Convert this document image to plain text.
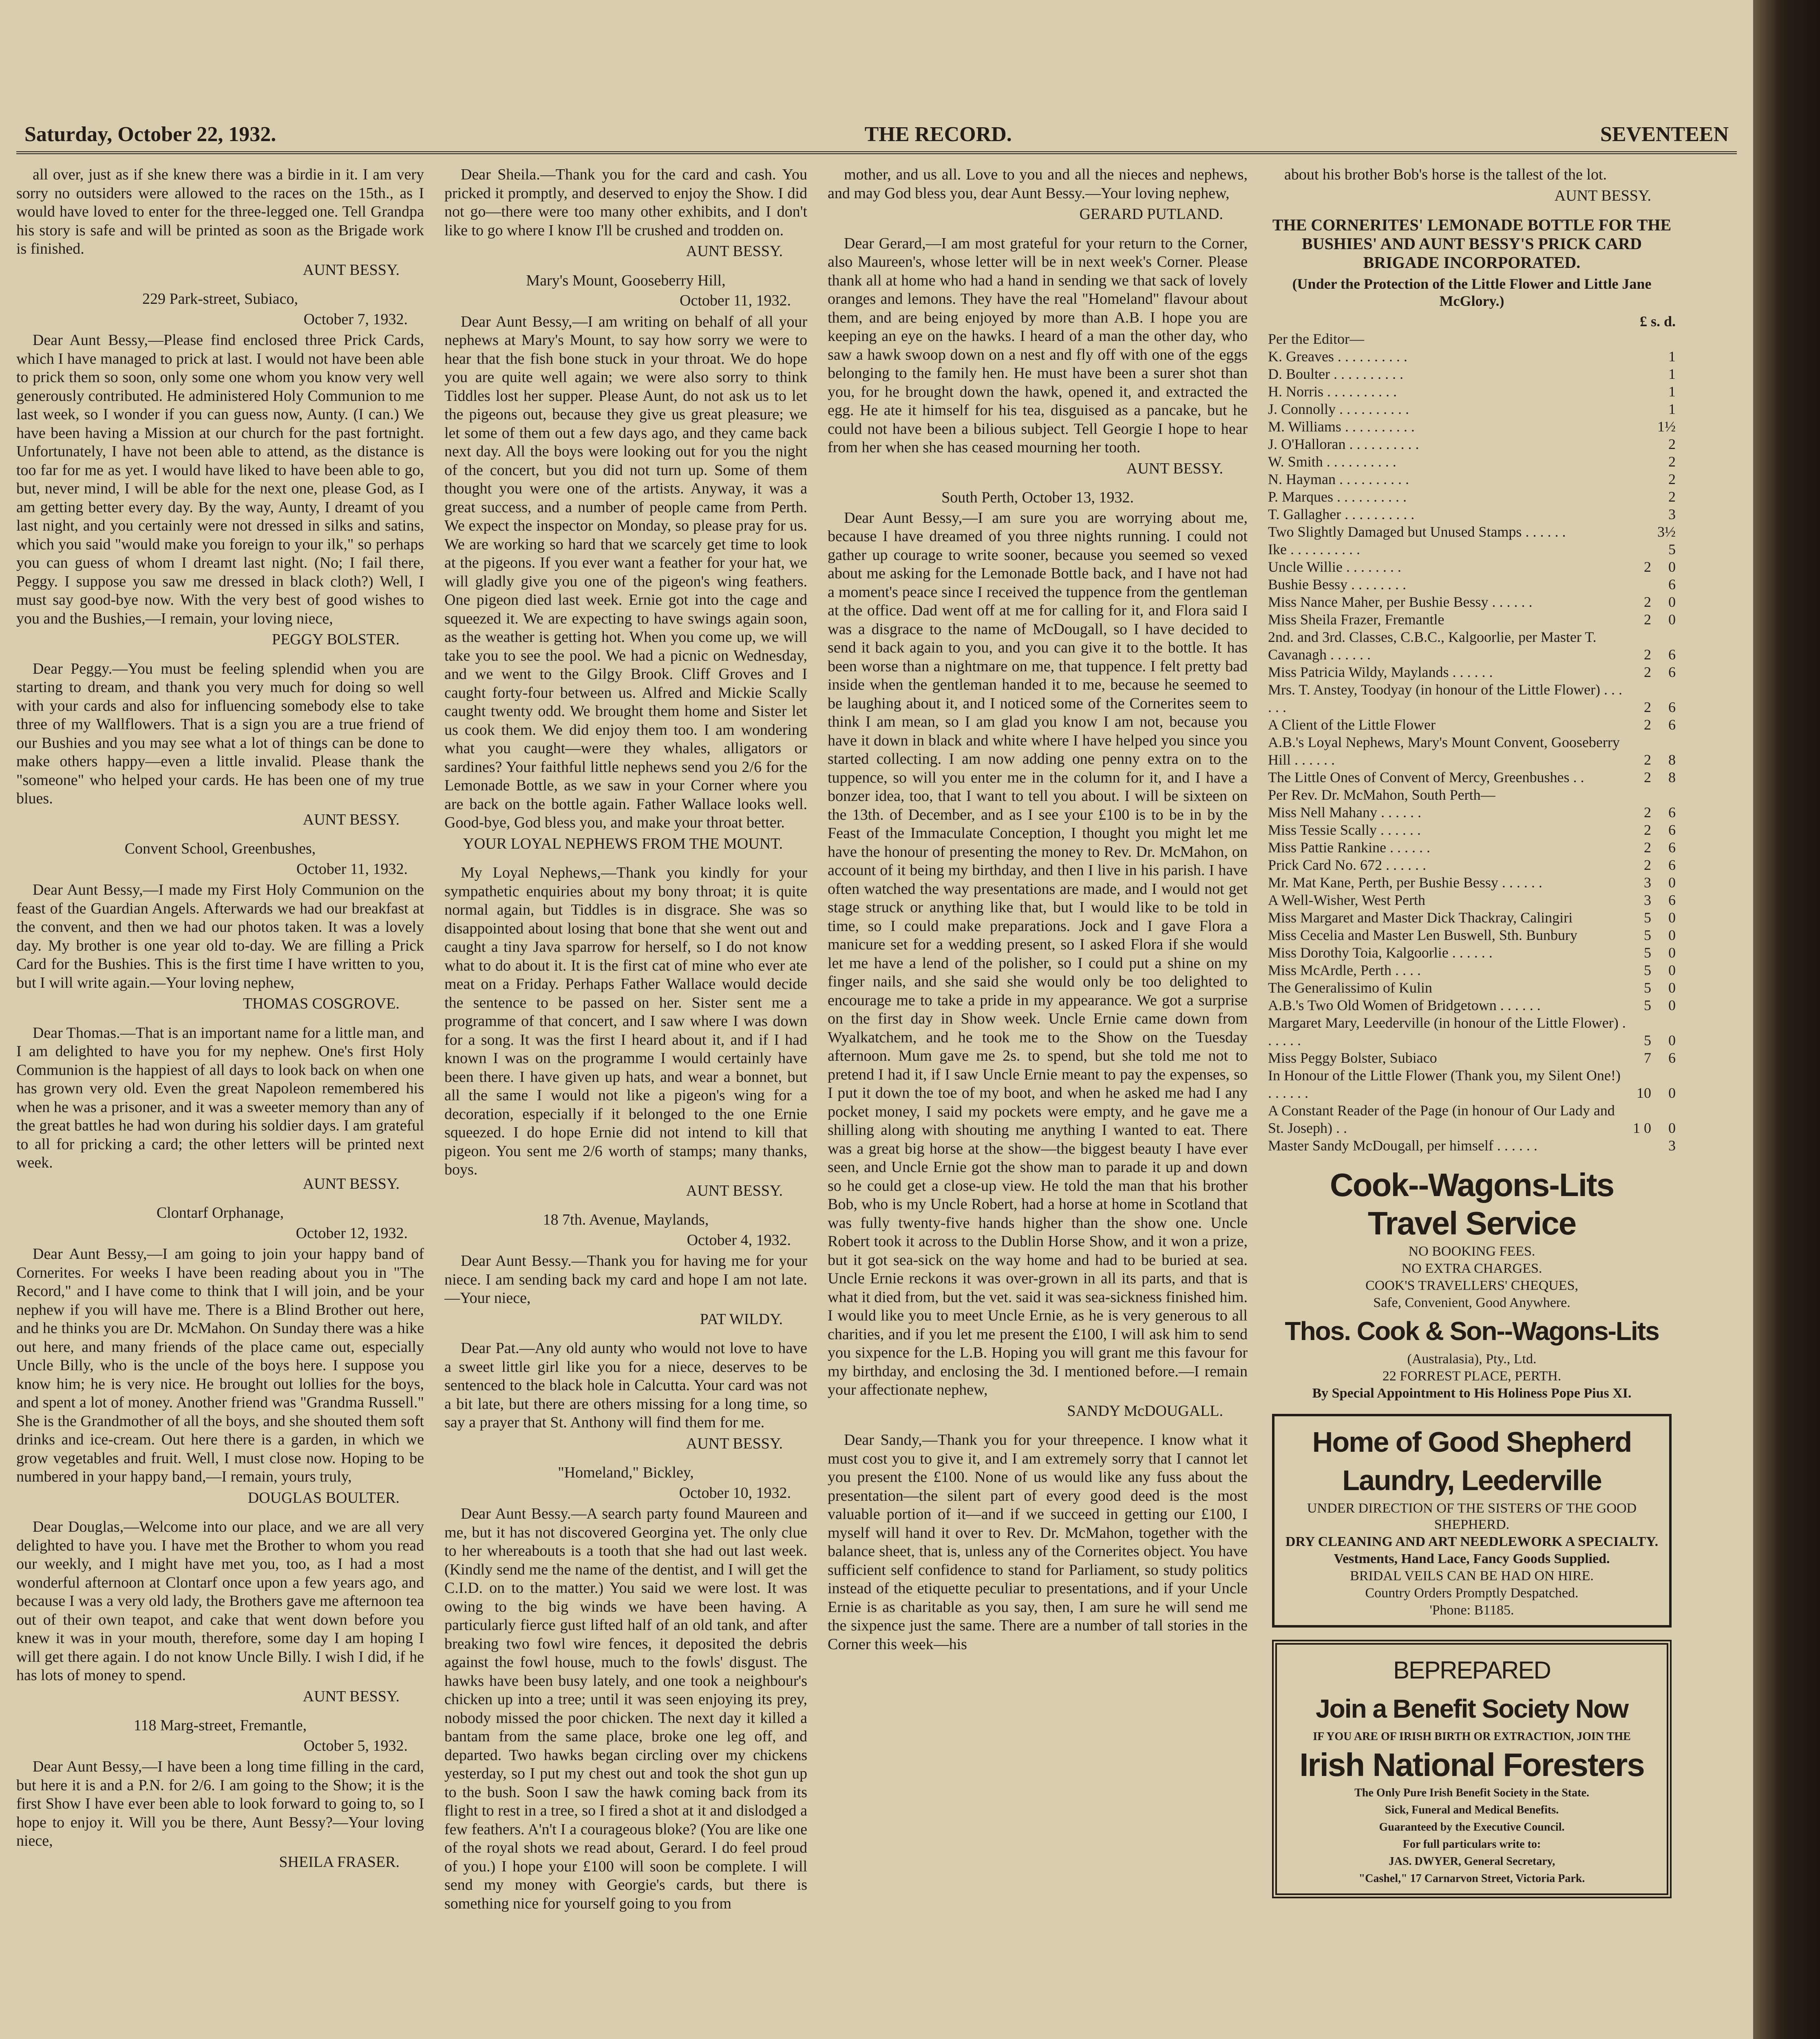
Saturday, October 22, 1932.	THE RECORD.	SEVENTEEN

all over, just as if she knew there was a birdie in it. I am very sorry no outsiders were allowed to the races on the 15th., as I would have loved to enter for the three-legged one. Tell Grandpa his story is safe and will be printed as soon as the Brigade work is finished.

AUNT BESSY.

229 Park-street, Subiaco,

October 7, 1932.

Dear Aunt Bessy,—Please find enclosed three Prick Cards, which I have managed to prick at last. I would not have been able to prick them so soon, only some one whom you know very well generously contributed. He administered Holy Communion to me last week, so I wonder if you can guess now, Aunty. (I can.) We have been having a Mission at our church for the past fortnight. Unfortunately, I have not been able to attend, as the distance is too far for me as yet. I would have liked to have been able to go, but, never mind, I will be able for the next one, please God, as I am getting better every day. By the way, Aunty, I dreamt of you last night, and you certainly were not dressed in silks and satins, which you said "would make you foreign to your ilk," so perhaps you can guess of whom I dreamt last night. (No; I fail there, Peggy. I suppose you saw me dressed in black cloth?) Well, I must say good-bye now. With the very best of good wishes to you and the Bushies,—I remain, your loving niece,

PEGGY BOLSTER.

Dear Peggy.—You must be feeling splendid when you are starting to dream, and thank you very much for doing so well with your cards and also for influencing somebody else to take three of my Wallflowers. That is a sign you are a true friend of our Bushies and you may see what a lot of things can be done to make others happy—even a little invalid. Please thank the "someone" who helped your cards. He has been one of my true blues.

AUNT BESSY.

Convent School, Greenbushes,

October 11, 1932.

Dear Aunt Bessy,—I made my First Holy Communion on the feast of the Guardian Angels. Afterwards we had our breakfast at the convent, and then we had our photos taken. It was a lovely day. My brother is one year old to-day. We are filling a Prick Card for the Bushies. This is the first time I have written to you, but I will write again.—Your loving nephew,

THOMAS COSGROVE.

Dear Thomas.—That is an important name for a little man, and I am delighted to have you for my nephew. One's first Holy Communion is the happiest of all days to look back on when one has grown very old. Even the great Napoleon remembered his when he was a prisoner, and it was a sweeter memory than any of the great battles he had won during his soldier days. I am grateful to all for pricking a card; the other letters will be printed next week.

AUNT BESSY.

Clontarf Orphanage,

October 12, 1932.

Dear Aunt Bessy,—I am going to join your happy band of Cornerites. For weeks I have been reading about you in "The Record," and I have come to think that I will join, and be your nephew if you will have me. There is a Blind Brother out here, and he thinks you are Dr. McMahon. On Sunday there was a hike out here, and many friends of the place came out, especially Uncle Billy, who is the uncle of the boys here. I suppose you know him; he is very nice. He brought out lollies for the boys, and spent a lot of money. Another friend was "Grandma Russell." She is the Grandmother of all the boys, and she shouted them soft drinks and ice-cream. Out here there is a garden, in which we grow vegetables and fruit. Well, I must close now. Hoping to be numbered in your happy band,—I remain, yours truly,

DOUGLAS BOULTER.

Dear Douglas,—Welcome into our place, and we are all very delighted to have you. I have met the Brother to whom you read our weekly, and I might have met you, too, as I had a most wonderful afternoon at Clontarf once upon a few years ago, and because I was a very old lady, the Brothers gave me afternoon tea out of their own teapot, and cake that went down before you knew it was in your mouth, therefore, some day I am hoping I will get there again. I do not know Uncle Billy. I wish I did, if he has lots of money to spend.

AUNT BESSY.

118 Marg-street, Fremantle,

October 5, 1932.

Dear Aunt Bessy,—I have been a long time filling in the card, but here it is and a P.N. for 2/6. I am going to the Show; it is the first Show I have ever been able to look forward to going to, so I hope to enjoy it. Will you be there, Aunt Bessy?—Your loving niece,

SHEILA FRASER.

Dear Sheila.—Thank you for the card and cash. You pricked it promptly, and deserved to enjoy the Show. I did not go—there were too many other exhibits, and I don't like to go where I know I'll be crushed and trodden on.

AUNT BESSY.

Mary's Mount, Gooseberry Hill,

October 11, 1932.

Dear Aunt Bessy,—I am writing on behalf of all your nephews at Mary's Mount, to say how sorry we were to hear that the fish bone stuck in your throat. We do hope you are quite well again; we were also sorry to think Tiddles lost her supper. Please Aunt, do not ask us to let the pigeons out, because they give us great pleasure; we let some of them out a few days ago, and they came back next day. All the boys were looking out for you the night of the concert, but you did not turn up. Some of them thought you were one of the artists. Anyway, it was a great success, and a number of people came from Perth. We expect the inspector on Monday, so please pray for us. We are working so hard that we scarcely get time to look at the pigeons. If you ever want a feather for your hat, we will gladly give you one of the pigeon's wing feathers. One pigeon died last week. Ernie got into the cage and squeezed it. We are expecting to have swings again soon, as the weather is getting hot. When you come up, we will take you to see the pool. We had a picnic on Wednesday, and we went to the Gilgy Brook. Cliff Groves and I caught forty-four between us. Alfred and Mickie Scally caught twenty odd. We brought them home and Sister let us cook them. We did enjoy them too. I am wondering what you caught—were they whales, alligators or sardines? Your faithful little nephews send you 2/6 for the Lemonade Bottle, as we saw in your Corner where you are back on the bottle again. Father Wallace looks well. Good-bye, God bless you, and make your throat better.

YOUR LOYAL NEPHEWS FROM THE MOUNT.

My Loyal Nephews,—Thank you kindly for your sympathetic enquiries about my bony throat; it is quite normal again, but Tiddles is in disgrace. She was so disappointed about losing that bone that she went out and caught a tiny Java sparrow for herself, so I do not know what to do about it. It is the first cat of mine who ever ate meat on a Friday. Perhaps Father Wallace would decide the sentence to be passed on her. Sister sent me a programme of that concert, and I saw where I was down for a song. It was the first I heard about it, and if I had known I was on the programme I would certainly have been there. I have given up hats, and wear a bonnet, but all the same I would not like a pigeon's wing for a decoration, especially if it belonged to the one Ernie squeezed. I do hope Ernie did not intend to kill that pigeon. You sent me 2/6 worth of stamps; many thanks, boys.

AUNT BESSY.

18 7th. Avenue, Maylands,

October 4, 1932.

Dear Aunt Bessy.—Thank you for having me for your niece. I am sending back my card and hope I am not late.—Your niece,

PAT WILDY.

Dear Pat.—Any old aunty who would not love to have a sweet little girl like you for a niece, deserves to be sentenced to the black hole in Calcutta. Your card was not a bit late, but there are others missing for a long time, so say a prayer that St. Anthony will find them for me.

AUNT BESSY.

"Homeland," Bickley,

October 10, 1932.

Dear Aunt Bessy.—A search party found Maureen and me, but it has not discovered Georgina yet. The only clue to her whereabouts is a tooth that she had out last week. (Kindly send me the name of the dentist, and I will get the C.I.D. on to the matter.) You said we were lost. It was owing to the big winds we have been having. A particularly fierce gust lifted half of an old tank, and after breaking two fowl wire fences, it deposited the debris against the fowl house, much to the fowls' disgust. The hawks have been busy lately, and one took a neighbour's chicken up into a tree; until it was seen enjoying its prey, nobody missed the poor chicken. The next day it killed a bantam from the same place, broke one leg off, and departed. Two hawks began circling over my chickens yesterday, so I put my chest out and took the shot gun up to the bush. Soon I saw the hawk coming back from its flight to rest in a tree, so I fired a shot at it and dislodged a few feathers. A'n't I a courageous bloke? (You are like one of the royal shots we read about, Gerard. I do feel proud of you.) I hope your £100 will soon be complete. I will send my money with Georgie's cards, but there is something nice for yourself going to you from

mother, and us all. Love to you and all the nieces and nephews, and may God bless you, dear Aunt Bessy.—Your loving nephew,

GERARD PUTLAND.

Dear Gerard,—I am most grateful for your return to the Corner, also Maureen's, whose letter will be in next week's Corner. Please thank all at home who had a hand in sending we that sack of lovely oranges and lemons. They have the real "Homeland" flavour about them, and are being enjoyed by more than A.B. I hope you are keeping an eye on the hawks. I heard of a man the other day, who saw a hawk swoop down on a nest and fly off with one of the eggs belonging to the family hen. He must have been a surer shot than you, for he brought down the hawk, opened it, and extracted the egg. He ate it himself for his tea, disguised as a pancake, but he could not have been a bilious subject. Tell Georgie I hope to hear from her when she has ceased mourning her tooth.

AUNT BESSY.

South Perth, October 13, 1932.

Dear Aunt Bessy,—I am sure you are worrying about me, because I have dreamed of you three nights running. I could not gather up courage to write sooner, because you seemed so vexed about me asking for the Lemonade Bottle back, and I have not had a moment's peace since I received the tuppence from the gentleman at the office. Dad went off at me for calling for it, and Flora said I was a disgrace to the name of McDougall, so I have decided to send it back again to you, and you can give it to the bottle. It has been worse than a nightmare on me, that tuppence. I felt pretty bad inside when the gentleman handed it to me, because he seemed to be laughing about it, and I noticed some of the Cornerites seem to think I am mean, so I am glad you know I am not, because you have it down in black and white where I have helped you since you started collecting. I am now adding one penny extra on to the tuppence, so will you enter me in the column for it, and I have a bonzer idea, too, that I want to tell you about. I will be sixteen on the 13th. of December, and as I see your £100 is to be in by the Feast of the Immaculate Conception, I thought you might let me have the honour of presenting the money to Rev. Dr. McMahon, on account of it being my birthday, and then I live in his parish. I have often watched the way presentations are made, and I would not get stage struck or anything like that, but I would like to be told in time, so I could make preparations. Jock and I gave Flora a manicure set for a wedding present, so I asked Flora if she would let me have a lend of the polisher, so I could put a shine on my finger nails, and she said she would only be too delighted to encourage me to take a pride in my appearance. We got a surprise on the first day in Show week. Uncle Ernie came down from Wyalkatchem, and he took me to the Show on the Tuesday afternoon. Mum gave me 2s. to spend, but she told me not to pretend I had it, if I saw Uncle Ernie meant to pay the expenses, so I put it down the toe of my boot, and when he asked me had I any pocket money, I said my pockets were empty, and he gave me a shilling along with shouting me anything I wanted to eat. There was a great big horse at the show—the biggest beauty I have ever seen, and Uncle Ernie got the show man to parade it up and down so he could get a close-up view. He told the man that his brother Bob, who is my Uncle Robert, had a horse at home in Scotland that was fully twenty-five hands higher than the show one. Uncle Robert took it across to the Dublin Horse Show, and it won a prize, but it got sea-sick on the way home and had to be buried at sea. Uncle Ernie reckons it was over-grown in all its parts, and that is what it died from, but the vet. said it was sea-sickness finished him. I would like you to meet Uncle Ernie, as he is very generous to all charities, and if you let me present the £100, I will ask him to send you sixpence for the L.B. Hoping you will grant me this favour for my birthday, and enclosing the 3d. I mentioned before.—I remain your affectionate nephew,

SANDY McDOUGALL.

Dear Sandy,—Thank you for your threepence. I know what it must cost you to give it, and I am extremely sorry that I cannot let you present the £100. None of us would like any fuss about the presentation—the silent part of every good deed is the most valuable portion of it—and if we succeed in getting our £100, I myself will hand it over to Rev. Dr. McMahon, together with the balance sheet, that is, unless any of the Cornerites object. You have sufficient self confidence to stand for Parliament, so study politics instead of the etiquette peculiar to presentations, and if your Uncle Ernie is as charitable as you say, then, I am sure he will send me the sixpence just the same. There are a number of tall stories in the Corner this week—his

about his brother Bob's horse is the tallest of the lot.

AUNT BESSY.

THE CORNERITES' LEMONADE BOTTLE FOR THE BUSHIES' AND AUNT BESSY'S PRICK CARD BRIGADE INCORPORATED.
(Under the Protection of the Little Flower and Little Jane McGlory.)
	£ s. d.	
Per the Editor—		
K. Greaves . . . . . . . . . .		1
D. Boulter . . . . . . . . . .		1
H. Norris . . . . . . . . . .		1
J. Connolly . . . . . . . . . .		1
M. Williams . . . . . . . . . .		1½
J. O'Halloran . . . . . . . . . .		2
W. Smith . . . . . . . . . .		2
N. Hayman . . . . . . . . . .		2
P. Marques . . . . . . . . . .		2
T. Gallagher . . . . . . . . . .		3
Two Slightly Damaged but Unused Stamps . . . . . .		3½
Ike . . . . . . . . . .		5
Uncle Willie . . . . . . . .	2	0
Bushie Bessy . . . . . . . .		6
Miss Nance Maher, per Bushie Bessy . . . . . .	2	0
Miss Sheila Frazer, Fremantle	2	0
2nd. and 3rd. Classes, C.B.C., Kalgoorlie, per Master T. Cavanagh . . . . . .	2	6
Miss Patricia Wildy, Maylands . . . . . .	2	6
Mrs. T. Anstey, Toodyay (in honour of the Little Flower) . . . . . .	2	6
A Client of the Little Flower	2	6
A.B.'s Loyal Nephews, Mary's Mount Convent, Gooseberry Hill . . . . . .	2	8
The Little Ones of Convent of Mercy, Greenbushes . .	2	8
Per Rev. Dr. McMahon, South Perth—		
Miss Nell Mahany . . . . . .	2	6
Miss Tessie Scally . . . . . .	2	6
Miss Pattie Rankine . . . . . .	2	6
Prick Card No. 672 . . . . . .	2	6
Mr. Mat Kane, Perth, per Bushie Bessy . . . . . .	3	0
A Well-Wisher, West Perth	3	6
Miss Margaret and Master Dick Thackray, Calingiri	5	0
Miss Cecelia and Master Len Buswell, Sth. Bunbury	5	0
Miss Dorothy Toia, Kalgoorlie . . . . . .	5	0
Miss McArdle, Perth . . . .	5	0
The Generalissimo of Kulin	5	0
A.B.'s Two Old Women of Bridgetown . . . . . .	5	0
Margaret Mary, Leederville (in honour of the Little Flower) . . . . . .	5	0
Miss Peggy Bolster, Subiaco	7	6
In Honour of the Little Flower (Thank you, my Silent One!) . . . . . .	10	0
A Constant Reader of the Page (in honour of Our Lady and St. Joseph) . .	1 0	0
Master Sandy McDougall, per himself . . . . . .		3
Cook--Wagons-Lits
Travel Service
NO BOOKING FEES.
NO EXTRA CHARGES.
COOK'S TRAVELLERS' CHEQUES,
Safe, Convenient, Good Anywhere.
Thos. Cook & Son--Wagons-Lits
(Australasia), Pty., Ltd.
22 FORREST PLACE, PERTH.
By Special Appointment to His Holiness Pope Pius XI.
Home of Good Shepherd
Laundry, Leederville
UNDER DIRECTION OF THE SISTERS OF THE GOOD SHEPHERD.
DRY CLEANING AND ART NEEDLEWORK A SPECIALTY.
Vestments, Hand Lace, Fancy Goods Supplied.
BRIDAL VEILS CAN BE HAD ON HIRE.
Country Orders Promptly Despatched.
'Phone: B1185.
BEPREPARED
Join a Benefit Society Now
IF YOU ARE OF IRISH BIRTH OR EXTRACTION, JOIN THE
Irish National Foresters
The Only Pure Irish Benefit Society in the State.
Sick, Funeral and Medical Benefits.
Guaranteed by the Executive Council.
For full particulars write to:
JAS. DWYER, General Secretary,
"Cashel," 17 Carnarvon Street, Victoria Park.
